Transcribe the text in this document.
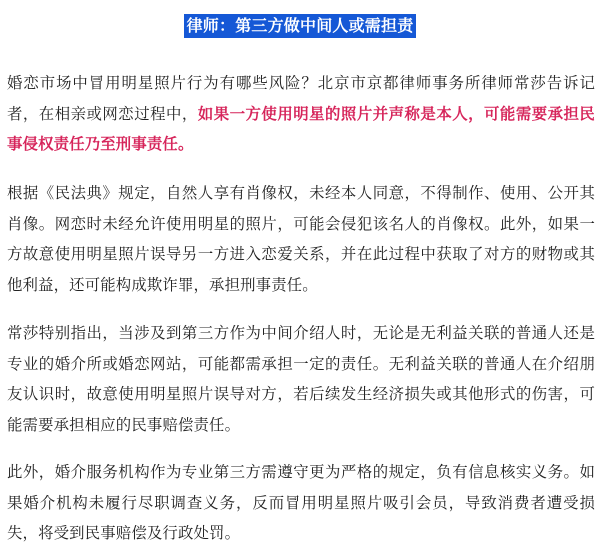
律师：第三方做中间人或需担责

婚恋市场中冒用明星照片行为有哪些风险？北京市京都律师事务所律师常莎告诉记者，在相亲或网恋过程中，如果一方使用明星的照片并声称是本人，可能需要承担民事侵权责任乃至刑事责任。

根据《民法典》规定，自然人享有肖像权，未经本人同意，不得制作、使用、公开其肖像。网恋时未经允许使用明星的照片，可能会侵犯该名人的肖像权。此外，如果一方故意使用明星照片误导另一方进入恋爱关系，并在此过程中获取了对方的财物或其他利益，还可能构成欺诈罪，承担刑事责任。

常莎特别指出，当涉及到第三方作为中间介绍人时，无论是无利益关联的普通人还是专业的婚介所或婚恋网站，可能都需承担一定的责任。无利益关联的普通人在介绍朋友认识时，故意使用明星照片误导对方，若后续发生经济损失或其他形式的伤害，可能需要承担相应的民事赔偿责任。

此外，婚介服务机构作为专业第三方需遵守更为严格的规定，负有信息核实义务。如果婚介机构未履行尽职调查义务，反而冒用明星照片吸引会员，导致消费者遭受损失，将受到民事赔偿及行政处罚。
